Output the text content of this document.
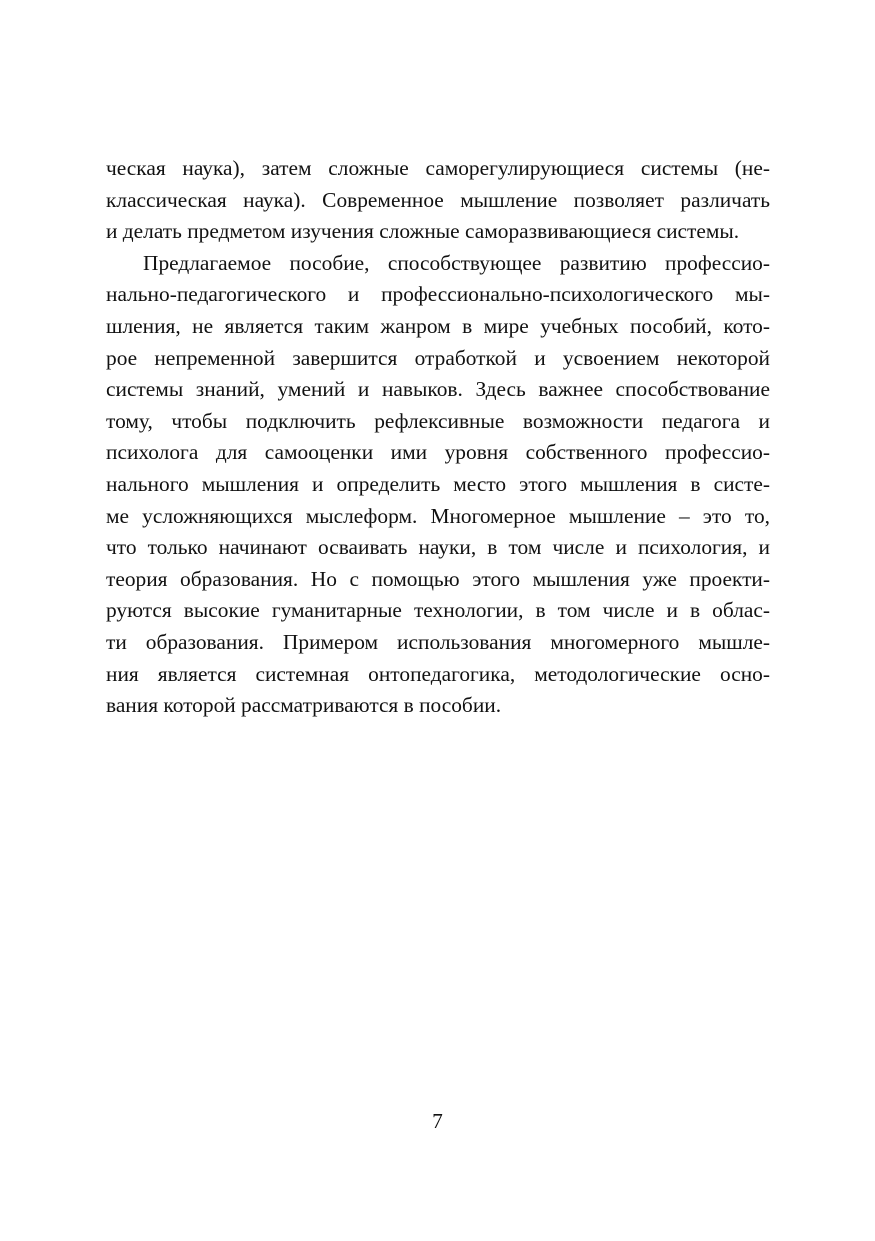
ческая наука), затем сложные саморегулирующиеся системы (не-
классическая наука). Современное мышление позволяет различать
и делать предметом изучения сложные саморазвивающиеся системы.
Предлагаемое пособие, способствующее развитию профессио-
нально-педагогического и профессионально-психологического мы-
шления, не является таким жанром в мире учебных пособий, кото-
рое непременной завершится отработкой и усвоением некоторой
системы знаний, умений и навыков. Здесь важнее способствование
тому, чтобы подключить рефлексивные возможности педагога и
психолога для самооценки ими уровня собственного профессио-
нального мышления и определить место этого мышления в систе-
ме усложняющихся мыслеформ. Многомерное мышление – это то,
что только начинают осваивать науки, в том числе и психология, и
теория образования. Но с помощью этого мышления уже проекти-
руются высокие гуманитарные технологии, в том числе и в облас-
ти образования. Примером использования многомерного мышле-
ния является системная онтопедагогика, методологические осно-
вания которой рассматриваются в пособии.
7
